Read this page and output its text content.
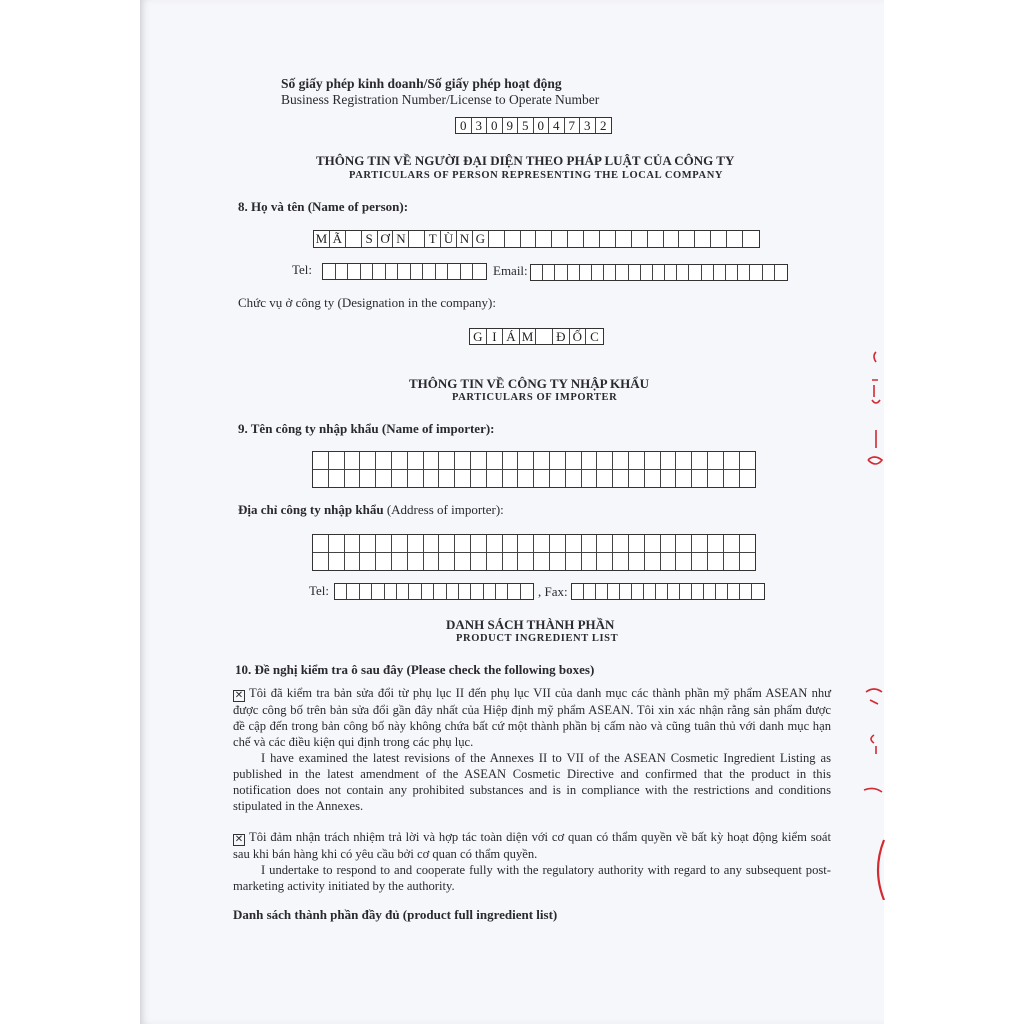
Số giấy phép kinh doanh/Số giấy phép hoạt động
Business Registration Number/License to Operate Number
0 3 0 9 5 0 4 7 3 2
THÔNG TIN VỀ NGƯỜI ĐẠI DIỆN THEO PHÁP LUẬT CỦA CÔNG TY
PARTICULARS OF PERSON REPRESENTING THE LOCAL COMPANY
8. Họ và tên (Name of person):
M Ã S Ơ N T Ù N G
Tel:	Email:
Chức vụ ở công ty (Designation in the company):
G I Á M Đ Ố C
THÔNG TIN VỀ CÔNG TY NHẬP KHẨU
PARTICULARS OF IMPORTER
9. Tên công ty nhập khẩu (Name of importer):
Địa chỉ công ty nhập khẩu (Address of importer):
Tel:	, Fax:
DANH SÁCH THÀNH PHẦN
PRODUCT INGREDIENT LIST
10. Đề nghị kiểm tra ô sau đây (Please check the following boxes)
✕ Tôi đã kiểm tra bản sửa đổi từ phụ lục II đến phụ lục VII của danh mục các thành phần mỹ phẩm ASEAN như được công bố trên bản sửa đổi gần đây nhất của Hiệp định mỹ phẩm ASEAN. Tôi xin xác nhận rằng sản phẩm được đề cập đến trong bản công bố này không chứa bất cứ một thành phần bị cấm nào và cũng tuân thủ với danh mục hạn chế và các điều kiện qui định trong các phụ lục.
I have examined the latest revisions of the Annexes II to VII of the ASEAN Cosmetic Ingredient Listing as published in the latest amendment of the ASEAN Cosmetic Directive and confirmed that the product in this notification does not contain any prohibited substances and is in compliance with the restrictions and conditions stipulated in the Annexes.
✕ Tôi đảm nhận trách nhiệm trả lời và hợp tác toàn diện với cơ quan có thẩm quyền về bất kỳ hoạt động kiểm soát sau khi bán hàng khi có yêu cầu bởi cơ quan có thẩm quyền.
I undertake to respond to and cooperate fully with the regulatory authority with regard to any subsequent post-marketing activity initiated by the authority.
Danh sách thành phần đầy đủ (product full ingredient list)
